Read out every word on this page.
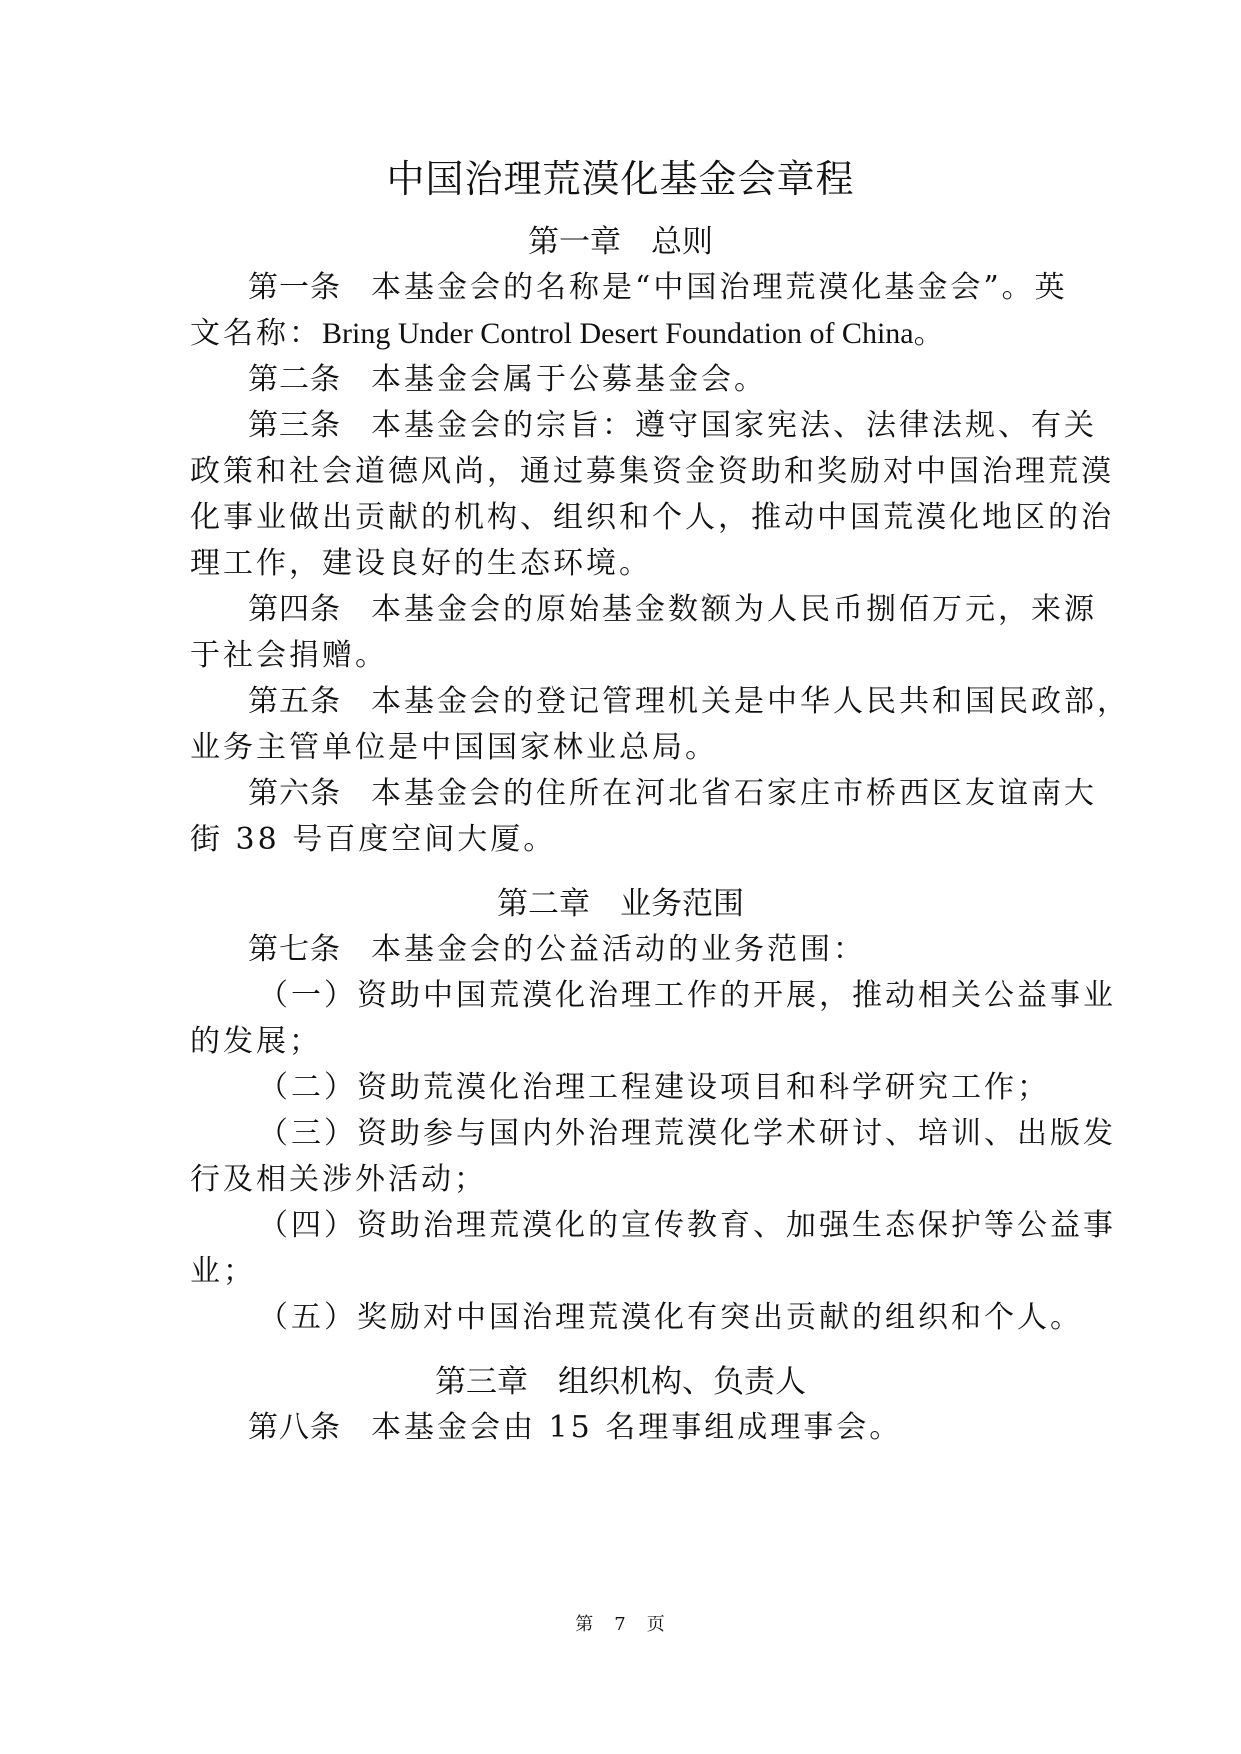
中国治理荒漠化基金会章程
第一章 总则
第一条 本基金会的名称是“中国治理荒漠化基金会”。英
文名称：Bring Under Control Desert Foundation of China。
第二条 本基金会属于公募基金会。
第三条 本基金会的宗旨：遵守国家宪法、法律法规、有关
政策和社会道德风尚，通过募集资金资助和奖励对中国治理荒漠
化事业做出贡献的机构、组织和个人，推动中国荒漠化地区的治
理工作，建设良好的生态环境。
第四条 本基金会的原始基金数额为人民币捌佰万元，来源
于社会捐赠。
第五条 本基金会的登记管理机关是中华人民共和国民政部，
业务主管单位是中国国家林业总局。
第六条 本基金会的住所在河北省石家庄市桥西区友谊南大
街 38 号百度空间大厦。
第二章 业务范围
第七条 本基金会的公益活动的业务范围：
（一）资助中国荒漠化治理工作的开展，推动相关公益事业
的发展；
（二）资助荒漠化治理工程建设项目和科学研究工作；
（三）资助参与国内外治理荒漠化学术研讨、培训、出版发
行及相关涉外活动；
（四）资助治理荒漠化的宣传教育、加强生态保护等公益事
业；
（五）奖励对中国治理荒漠化有突出贡献的组织和个人。
第三章 组织机构、负责人
第八条 本基金会由 15 名理事组成理事会。
第 7 页
